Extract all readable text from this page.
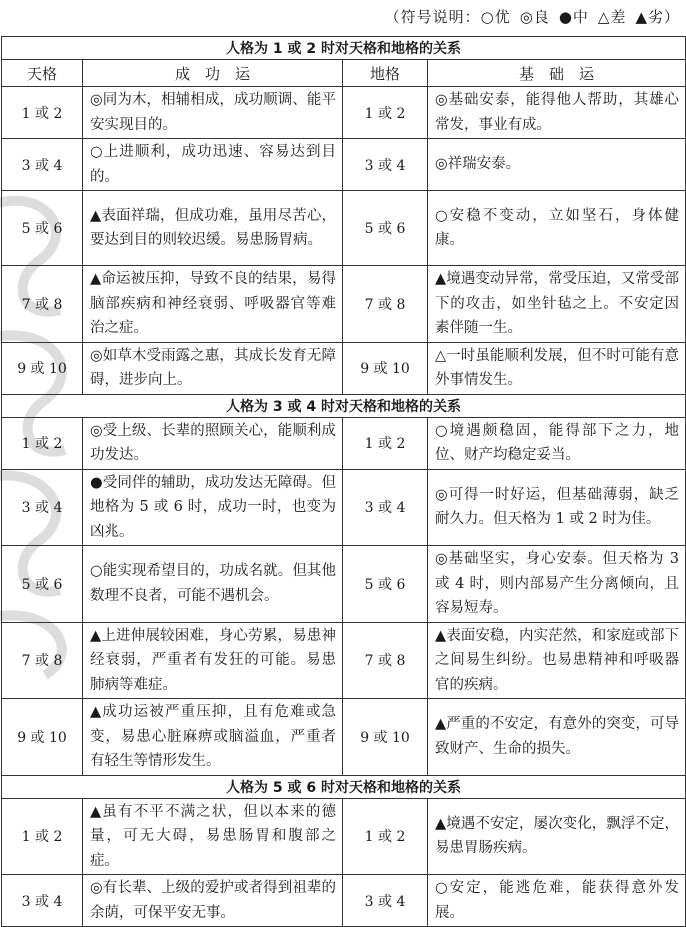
（符号说明：○优 ◎良 ●中 △差 ▲劣）
人格为 1 或 2 时对天格和地格的关系			
天格	成　功　运	地格	基　础　运
1 或 2	◎同为木，相辅相成，成功顺调、能平安实现目的。	1 或 2	◎基础安泰，能得他人帮助，其雄心常发，事业有成。
3 或 4	○上进顺利，成功迅速、容易达到目的。	3 或 4	◎祥瑞安泰。
5 或 6	▲表面祥瑞，但成功难，虽用尽苦心，要达到目的则较迟缓。易患肠胃病。	5 或 6	○安稳不变动，立如坚石，身体健康。
7 或 8	▲命运被压抑，导致不良的结果，易得脑部疾病和神经衰弱、呼吸器官等难治之症。	7 或 8	▲境遇变动异常，常受压迫，又常受部下的攻击，如坐针毡之上。不安定因素伴随一生。
9 或 10	◎如草木受雨露之惠，其成长发育无障碍，进步向上。	9 或 10	△一时虽能顺利发展，但不时可能有意外事情发生。
人格为 3 或 4 时对天格和地格的关系			
1 或 2	◎受上级、长辈的照顾关心，能顺利成功发达。	1 或 2	○境遇颇稳固，能得部下之力，地位、财产均稳定妥当。
3 或 4	●受同伴的辅助，成功发达无障碍。但地格为 5 或 6 时，成功一时，也变为凶兆。	3 或 4	◎可得一时好运，但基础薄弱，缺乏耐久力。但天格为 1 或 2 时为佳。
5 或 6	○能实现希望目的，功成名就。但其他数理不良者，可能不遇机会。	5 或 6	◎基础坚实，身心安泰。但天格为 3 或 4 时，则内部易产生分离倾向，且容易短寿。
7 或 8	▲上进伸展较困难，身心劳累，易患神经衰弱，严重者有发狂的可能。易患肺病等难症。	7 或 8	▲表面安稳，内实茫然，和家庭或部下之间易生纠纷。也易患精神和呼吸器官的疾病。
9 或 10	▲成功运被严重压抑，且有危难或急变，易患心脏麻痹或脑溢血，严重者有轻生等情形发生。	9 或 10	▲严重的不安定，有意外的突变，可导致财产、生命的损失。
人格为 5 或 6 时对天格和地格的关系			
1 或 2	▲虽有不平不满之状，但以本来的德量，可无大碍，易患肠胃和腹部之症。	1 或 2	▲境遇不安定，屡次变化，飘浮不定，易患胃肠疾病。
3 或 4	◎有长辈、上级的爱护或者得到祖辈的余荫，可保平安无事。	3 或 4	○安定，能逃危难，能获得意外发展。
